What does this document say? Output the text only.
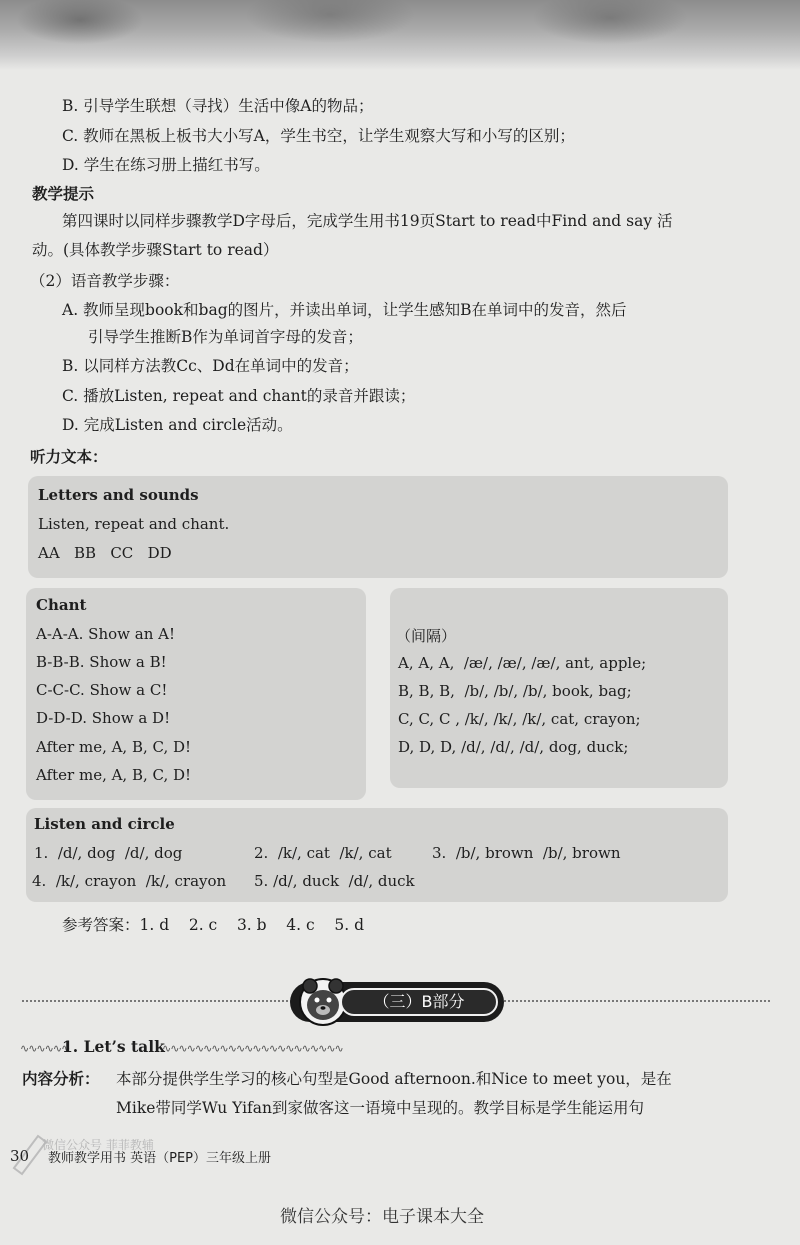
B. 引导学生联想（寻找）生活中像A的物品；
C. 教师在黑板上板书大小写A，学生书空，让学生观察大写和小写的区别；
D. 学生在练习册上描红书写。
教学提示
第四课时以同样步骤教学D字母后，完成学生用书19页Start to read中Find and say 活
动。(具体教学步骤Start to read）
（2）语音教学步骤：
A. 教师呈现book和bag的图片，并读出单词，让学生感知B在单词中的发音，然后
引导学生推断B作为单词首字母的发音；
B. 以同样方法教Cc、Dd在单词中的发音；
C. 播放Listen, repeat and chant的录音并跟读；
D. 完成Listen and circle活动。
听力文本：
Letters and sounds
Listen, repeat and chant.
AA   BB   CC   DD
Chant
A-A-A. Show an A!
B-B-B. Show a B!
C-C-C. Show a C!
D-D-D. Show a D!
After me, A, B, C, D!
After me, A, B, C, D!
（间隔）
A, A, A,  /æ/, /æ/, /æ/, ant, apple;
B, B, B,  /b/, /b/, /b/, book, bag;
C, C, C , /k/, /k/, /k/, cat, crayon;
D, D, D, /d/, /d/, /d/, dog, duck;
Listen and circle
1.  /d/, dog  /d/, dog	2.  /k/, cat  /k/, cat	3.  /b/, brown  /b/, brown
4.  /k/, crayon  /k/, crayon 5. /d/, duck  /d/, duck
参考答案：1. d    2. c    3. b    4. c    5. d
（三）B部分
∿∿∿∿∿∿
1. Let’s talk
∿∿∿∿∿∿∿∿∿∿∿∿∿∿∿∿∿∿∿∿∿∿
内容分析： 本部分提供学生学习的核心句型是Good afternoon.和Nice to meet you，是在
Mike带同学Wu Yifan到家做客这一语境中呈现的。教学目标是学生能运用句
微信公众号 菲菲教辅
30 教师教学用书 英语（PEP）三年级上册
微信公众号：电子课本大全
